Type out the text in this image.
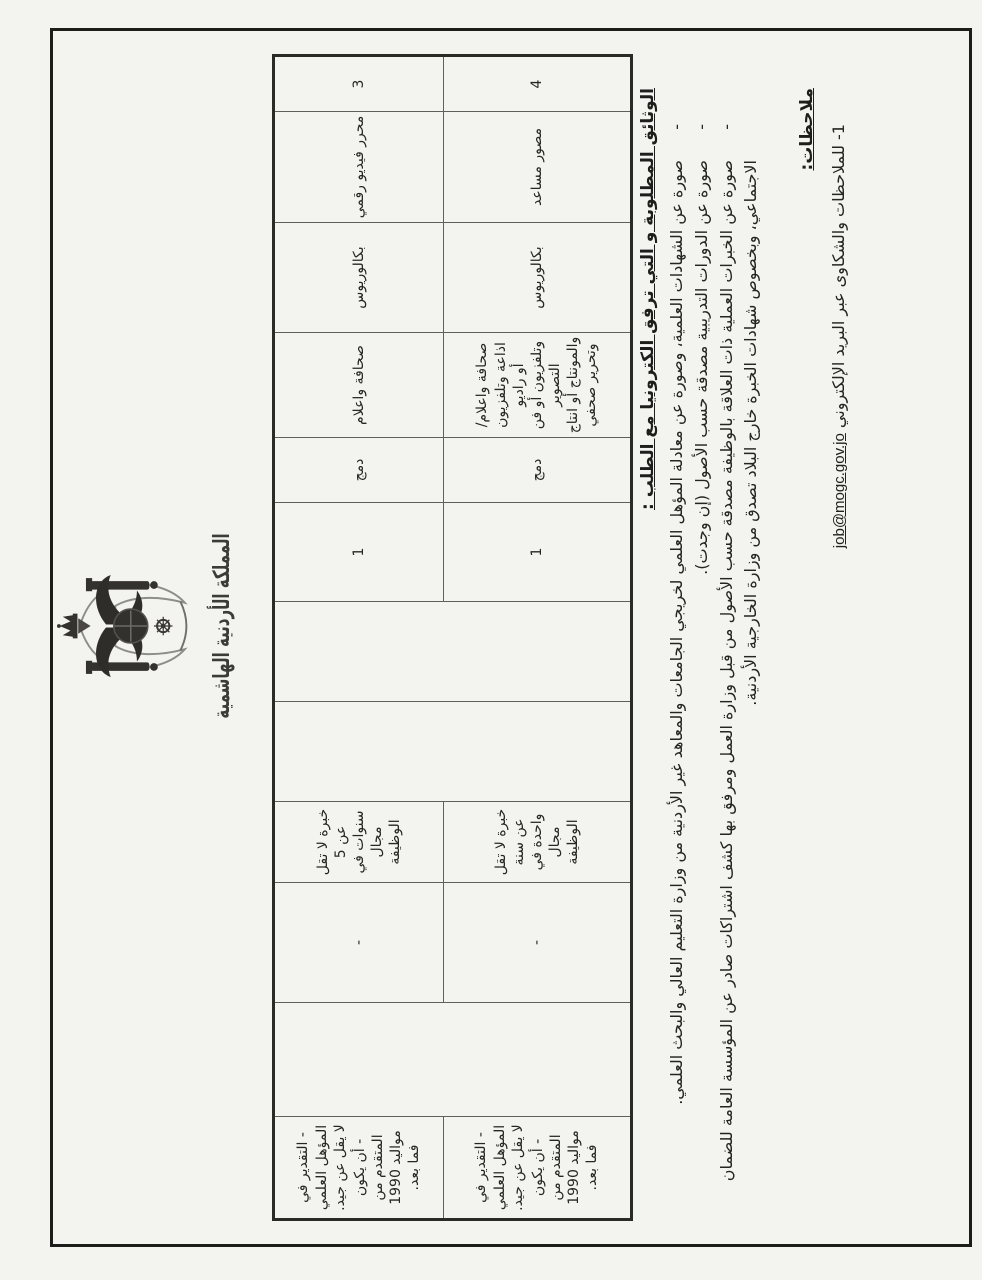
المملكة الأردنية الهاشمية
3	محرر فيديو رقمي	بكالوريوس	صحافة واعلام	دمج	1			خبرة لا تقل عن 5 سنوات في مجال الوظيفة	-		- التقدير في المؤهل العلمي لا يقل عن جيد. - أن يكون المتقدم من مواليد 1990 فما بعد.

4	مصور مساعد	بكالوريوس	صحافة واعلام/اذاعة وتلفزيون أو راديو وتلفزيون أو فن التصوير والمونتاج أو انتاج وتحرير صحفي	دمج	1			خبرة لا تقل عن سنة واحدة في مجال الوظيفة	-		- التقدير في المؤهل العلمي لا يقل عن جيد. - أن يكون المتقدم من مواليد 1990 فما بعد.
الوثائق المطلوبة و التي ترفق الكترونيا مع الطلب : -
صورة عن الشهادات العلمية، وصورة عن معادلة المؤهل العلمي لخريجي الجامعات والمعاهد غير الأردنية من وزارة التعليم العالي والبحث العلمي.
-
صورة عن الدورات التدريبية مصدقة حسب الأصول (إن وجدت).
-
صورة عن الخبرات العملية ذات العلاقة بالوظيفة مصدقة حسب الأصول من قبل وزارة العمل ومرفق بها كشف اشتراكات صادر عن المؤسسة العامة للضمان الاجتماعي، وبخصوص شهادات الخبرة خارج البلاد تصدق من وزارة الخارجية الأردنية.
ملاحظات:
1- للملاحظات والشكاوى عبر البريد الإلكتروني job@mogc.gov.jo
